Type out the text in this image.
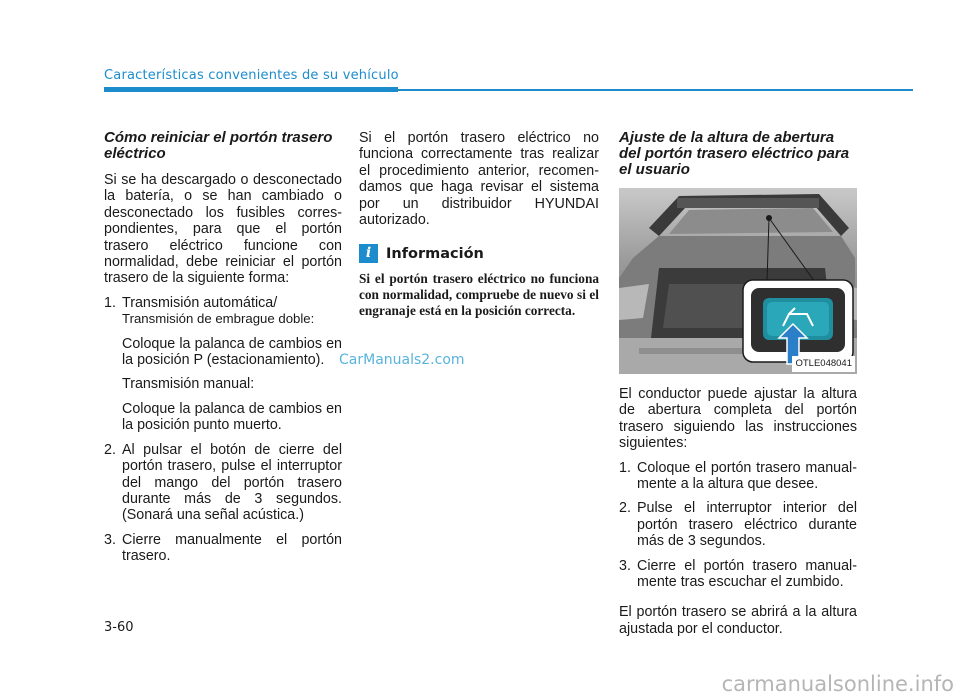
Características convenientes de su vehículo
Cómo reiniciar el portón trasero eléctrico

Si se ha descargado o desconectado la batería, o se han cambiado o desconectado los fusibles corres-pondientes, para que el portón trasero eléctrico funcione con normalidad, debe reiniciar el portón trasero de la siguiente forma:

1. Transmisión automática/
Transmisión de embrague doble:
Coloque la palanca de cambios en la posición P (estacionamiento).
Transmisión manual:
Coloque la palanca de cambios en la posición punto muerto.
2. Al pulsar el botón de cierre del portón trasero, pulse el interruptor del mango del portón trasero durante más de 3 segundos. (Sonará una señal acústica.)
3. Cierre manualmente el portón trasero.

Si el portón trasero eléctrico no funciona correctamente tras realizar el procedimiento anterior, recomen-damos que haga revisar el sistema por un distribuidor HYUNDAI autorizado.

i	Información
Si el portón trasero eléctrico no funciona con normalidad, compruebe de nuevo si el engranaje está en la posición correcta.
Ajuste de la altura de abertura del portón trasero eléctrico para el usuario
OTLE048041

El conductor puede ajustar la altura de abertura completa del portón trasero siguiendo las instrucciones siguientes:

1. Coloque el portón trasero manual-mente a la altura que desee.
2. Pulse el interruptor interior del portón trasero eléctrico durante más de 3 segundos.
3. Cierre el portón trasero manual-mente tras escuchar el zumbido.

El portón trasero se abrirá a la altura ajustada por el conductor.

CarManuals2.com
3-60
carmanualsonline.info
